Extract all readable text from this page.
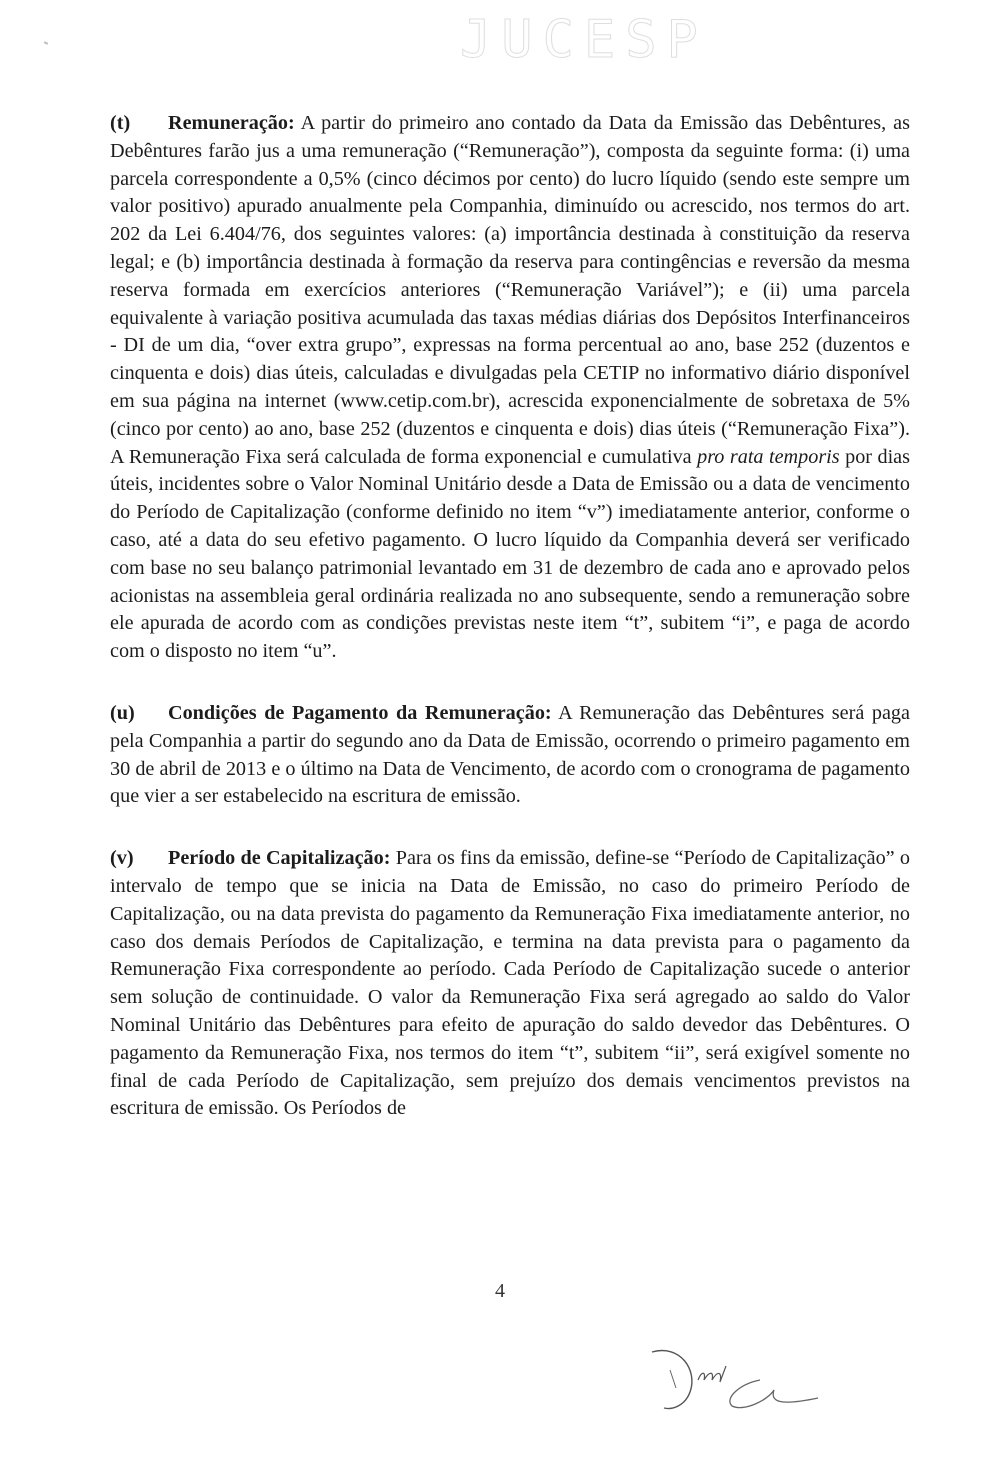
JUCESP

(t) Remuneração: A partir do primeiro ano contado da Data da Emissão das Debêntures, as Debêntures farão jus a uma remuneração (“Remuneração”), composta da seguinte forma: (i) uma parcela correspondente a 0,5% (cinco décimos por cento) do lucro líquido (sendo este sempre um valor positivo) apurado anualmente pela Companhia, diminuído ou acrescido, nos termos do art. 202 da Lei 6.404/76, dos seguintes valores: (a) importância destinada à constituição da reserva legal; e (b) importância destinada à formação da reserva para contingências e reversão da mesma reserva formada em exercícios anteriores (“Remuneração Variável”); e (ii) uma parcela equivalente à variação positiva acumulada das taxas médias diárias dos Depósitos Interfinanceiros - DI de um dia, “over extra grupo”, expressas na forma percentual ao ano, base 252 (duzentos e cinquenta e dois) dias úteis, calculadas e divulgadas pela CETIP no informativo diário disponível em sua página na internet (www.cetip.com.br), acrescida exponencialmente de sobretaxa de 5% (cinco por cento) ao ano, base 252 (duzentos e cinquenta e dois) dias úteis (“Remuneração Fixa”). A Remuneração Fixa será calculada de forma exponencial e cumulativa pro rata temporis por dias úteis, incidentes sobre o Valor Nominal Unitário desde a Data de Emissão ou a data de vencimento do Período de Capitalização (conforme definido no item “v”) imediatamente anterior, conforme o caso, até a data do seu efetivo pagamento. O lucro líquido da Companhia deverá ser verificado com base no seu balanço patrimonial levantado em 31 de dezembro de cada ano e aprovado pelos acionistas na assembleia geral ordinária realizada no ano subsequente, sendo a remuneração sobre ele apurada de acordo com as condições previstas neste item “t”, subitem “i”, e paga de acordo com o disposto no item “u”.

(u) Condições de Pagamento da Remuneração: A Remuneração das Debêntures será paga pela Companhia a partir do segundo ano da Data de Emissão, ocorrendo o primeiro pagamento em 30 de abril de 2013 e o último na Data de Vencimento, de acordo com o cronograma de pagamento que vier a ser estabelecido na escritura de emissão.

(v) Período de Capitalização: Para os fins da emissão, define-se “Período de Capitalização” o intervalo de tempo que se inicia na Data de Emissão, no caso do primeiro Período de Capitalização, ou na data prevista do pagamento da Remuneração Fixa imediatamente anterior, no caso dos demais Períodos de Capitalização, e termina na data prevista para o pagamento da Remuneração Fixa correspondente ao período. Cada Período de Capitalização sucede o anterior sem solução de continuidade. O valor da Remuneração Fixa será agregado ao saldo do Valor Nominal Unitário das Debêntures para efeito de apuração do saldo devedor das Debêntures. O pagamento da Remuneração Fixa, nos termos do item “t”, subitem “ii”, será exigível somente no final de cada Período de Capitalização, sem prejuízo dos demais vencimentos previstos na escritura de emissão. Os Períodos de

4
